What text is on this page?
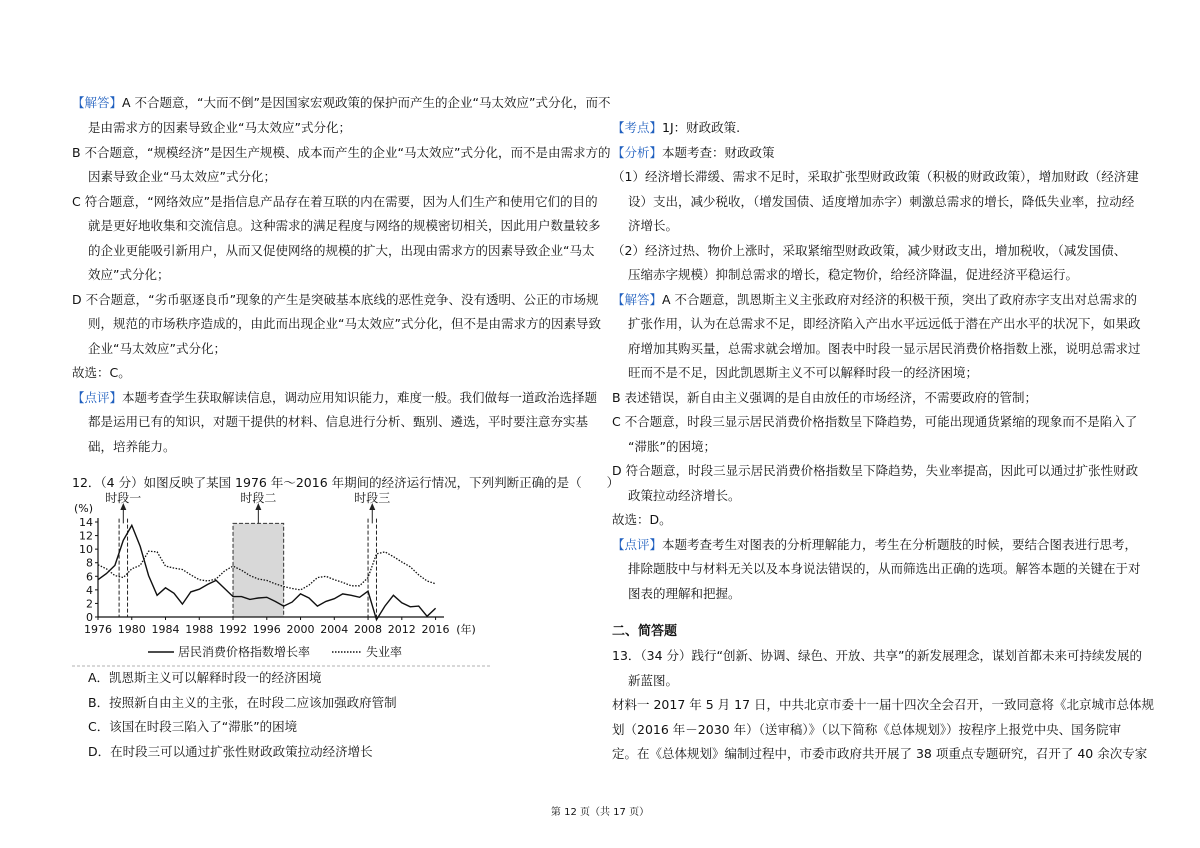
【解答】A 不合题意，“大而不倒”是因国家宏观政策的保护而产生的企业“马太效应”式分化，而不
是由需求方的因素导致企业“马太效应”式分化；
B 不合题意，“规模经济”是因生产规模、成本而产生的企业“马太效应”式分化，而不是由需求方的
因素导致企业“马太效应”式分化；
C 符合题意，“网络效应”是指信息产品存在着互联的内在需要，因为人们生产和使用它们的目的
就是更好地收集和交流信息。这种需求的满足程度与网络的规模密切相关，因此用户数量较多
的企业更能吸引新用户，从而又促使网络的规模的扩大，出现由需求方的因素导致企业“马太
效应”式分化；
D 不合题意，“劣币驱逐良币”现象的产生是突破基本底线的恶性竞争、没有透明、公正的市场规
则，规范的市场秩序造成的，由此而出现企业“马太效应”式分化，但不是由需求方的因素导致
企业“马太效应”式分化；
故选：C。
【点评】本题考查学生获取解读信息，调动应用知识能力，难度一般。我们做每一道政治选择题
都是运用已有的知识，对题干提供的材料、信息进行分析、甄别、遴选，平时要注意夯实基
础，培养能力。
12．（4 分）如图反映了某国 1976 年～2016 年期间的经济运行情况，下列判断正确的是（　　）
时段一	时段二	时段三
(%)
0
2
4
6
8
10
12
14
1976 1980 1984 1988 1992 1996 2000 2004 2008 2012 2016 (年)
居民消费价格指数增长率	失业率
A．凯恩斯主义可以解释时段一的经济困境
B．按照新自由主义的主张，在时段二应该加强政府管制
C．该国在时段三陷入了“滞胀”的困境
D．在时段三可以通过扩张性财政政策拉动经济增长
【考点】1J：财政政策.
【分析】本题考查：财政政策
（1）经济增长滞缓、需求不足时，采取扩张型财政政策（积极的财政政策），增加财政（经济建
设）支出，减少税收，（增发国债、适度增加赤字）刺激总需求的增长，降低失业率，拉动经
济增长。
（2）经济过热、物价上涨时，采取紧缩型财政政策，减少财政支出，增加税收，（减发国债、
压缩赤字规模）抑制总需求的增长，稳定物价，给经济降温，促进经济平稳运行。
【解答】A 不合题意，凯恩斯主义主张政府对经济的积极干预，突出了政府赤字支出对总需求的
扩张作用，认为在总需求不足，即经济陷入产出水平远远低于潜在产出水平的状况下，如果政
府增加其购买量，总需求就会增加。图表中时段一显示居民消费价格指数上涨，说明总需求过
旺而不是不足，因此凯恩斯主义不可以解释时段一的经济困境；
B 表述错误，新自由主义强调的是自由放任的市场经济，不需要政府的管制；
C 不合题意，时段三显示居民消费价格指数呈下降趋势，可能出现通货紧缩的现象而不是陷入了
“滞胀”的困境；
D 符合题意，时段三显示居民消费价格指数呈下降趋势，失业率提高，因此可以通过扩张性财政
政策拉动经济增长。
故选：D。
【点评】本题考查考生对图表的分析理解能力，考生在分析题肢的时候，要结合图表进行思考，
排除题肢中与材料无关以及本身说法错误的，从而筛选出正确的选项。解答本题的关键在于对
图表的理解和把握。
二、简答题
13．（34 分）践行“创新、协调、绿色、开放、共享”的新发展理念，谋划首都未来可持续发展的
新蓝图。
材料一 2017 年 5 月 17 日，中共北京市委十一届十四次全会召开，一致同意将《北京城市总体规
划（2016 年－2030 年）（送审稿）》（以下简称《总体规划》）按程序上报党中央、国务院审
定。在《总体规划》编制过程中，市委市政府共开展了 38 项重点专题研究，召开了 40 余次专家
第 12 页（共 17 页）
